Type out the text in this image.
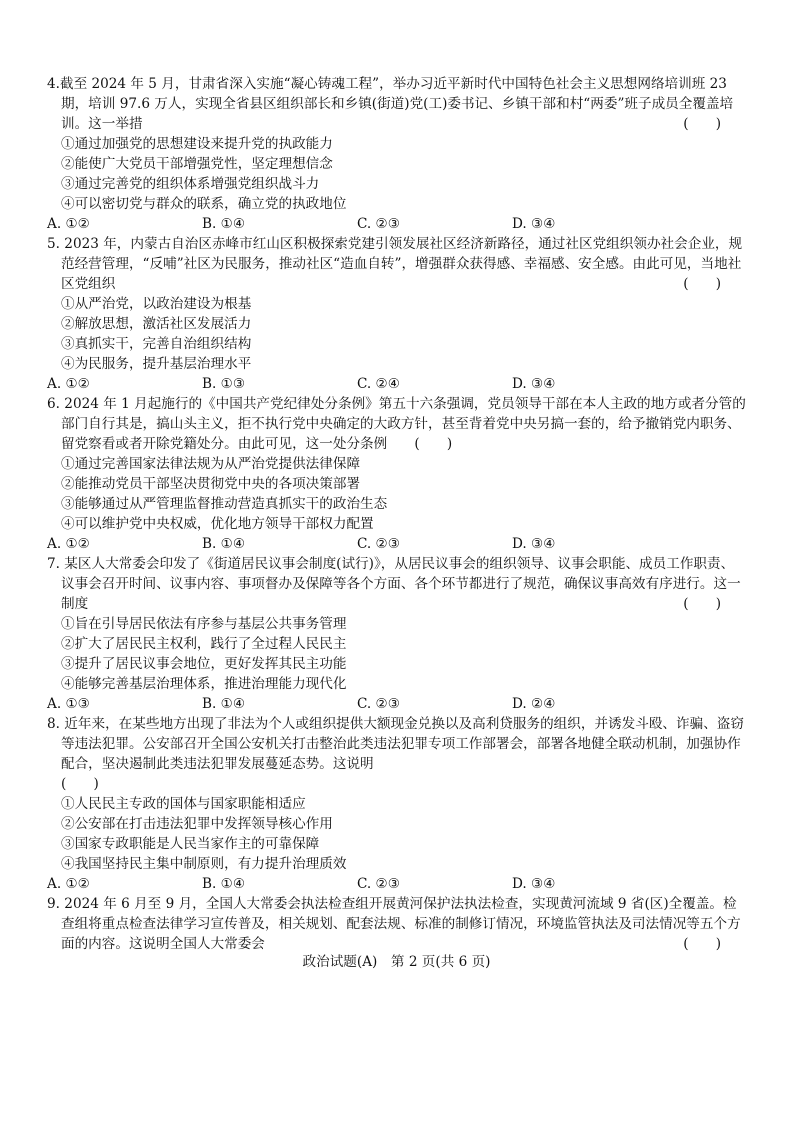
4.截至 2024 年 5 月，甘肃省深入实施“凝心铸魂工程”，举办习近平新时代中国特色社会主义思想网络培训班 23 期，培训 97.6 万人，实现全省县区组织部长和乡镇(街道)党(工)委书记、乡镇干部和村“两委”班子成员全覆盖培训。这一举措	(　　)

①通过加强党的思想建设来提升党的执政能力

②能使广大党员干部增强党性，坚定理想信念

③通过完善党的组织体系增强党组织战斗力

④可以密切党与群众的联系，确立党的执政地位

A. ①②	B. ①④	C. ②③	D. ③④

5. 2023 年，内蒙古自治区赤峰市红山区积极探索党建引领发展社区经济新路径，通过社区党组织领办社会企业，规范经营管理，“反哺”社区为民服务，推动社区“造血自转”，增强群众获得感、幸福感、安全感。由此可见，当地社区党组织	(　　)

①从严治党，以政治建设为根基

②解放思想，激活社区发展活力

③真抓实干，完善自治组织结构

④为民服务，提升基层治理水平

A. ①②	B. ①③	C. ②④	D. ③④

6. 2024 年 1 月起施行的《中国共产党纪律处分条例》第五十六条强调，党员领导干部在本人主政的地方或者分管的部门自行其是，搞山头主义，拒不执行党中央确定的大政方针，甚至背着党中央另搞一套的，给予撤销党内职务、留党察看或者开除党籍处分。由此可见，这一处分条例　　(　　)

①通过完善国家法律法规为从严治党提供法律保障

②能推动党员干部坚决贯彻党中央的各项决策部署

③能够通过从严管理监督推动营造真抓实干的政治生态

④可以维护党中央权威，优化地方领导干部权力配置

A. ①②	B. ①④	C. ②③	D. ③④

7. 某区人大常委会印发了《街道居民议事会制度(试行)》，从居民议事会的组织领导、议事会职能、成员工作职责、议事会召开时间、议事内容、事项督办及保障等各个方面、各个环节都进行了规范，确保议事高效有序进行。这一制度	(　　)

①旨在引导居民依法有序参与基层公共事务管理

②扩大了居民民主权利，践行了全过程人民民主

③提升了居民议事会地位，更好发挥其民主功能

④能够完善基层治理体系，推进治理能力现代化

A. ①③	B. ①④	C. ②③	D. ②④

8. 近年来，在某些地方出现了非法为个人或组织提供大额现金兑换以及高利贷服务的组织，并诱发斗殴、诈骗、盗窃等违法犯罪。公安部召开全国公安机关打击整治此类违法犯罪专项工作部署会，部署各地健全联动机制，加强协作配合，坚决遏制此类违法犯罪发展蔓延态势。这说明

(　　)

①人民民主专政的国体与国家职能相适应

②公安部在打击违法犯罪中发挥领导核心作用

③国家专政职能是人民当家作主的可靠保障

④我国坚持民主集中制原则，有力提升治理质效

A. ①②	B. ①④	C. ②③	D. ③④

9. 2024 年 6 月至 9 月，全国人大常委会执法检查组开展黄河保护法执法检查，实现黄河流域 9 省(区)全覆盖。检查组将重点检查法律学习宣传普及，相关规划、配套法规、标准的制修订情况，环境监管执法及司法情况等五个方面的内容。这说明全国人大常委会	(　　)

政治试题(A)　第 2 页(共 6 页)
